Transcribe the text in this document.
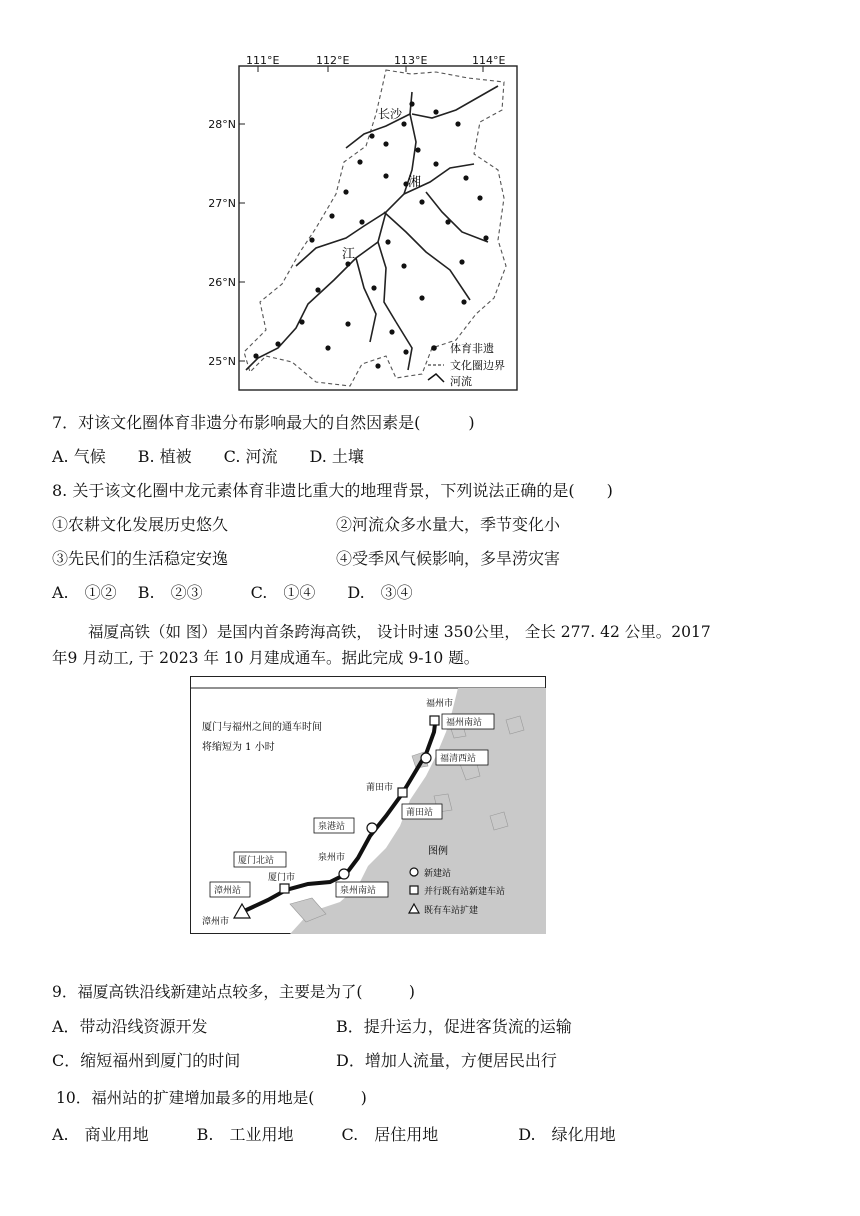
111°E	112°E	113°E	114°E
28°N
27°N
26°N
25°N
长沙
湘
江
体育非遗
文化圈边界
河流
7．对该文化圈体育非遗分布影响最大的自然因素是(　　　)
A. 气候　　B. 植被　　C. 河流　　D. 土壤
8. 关于该文化圈中龙元素体育非遗比重大的地理背景，下列说法正确的是(　　)
①农耕文化发展历史悠久	②河流众多水量大，季节变化小
③先民们的生活稳定安逸	④受季风气候影响，多旱涝灾害
A.　①②　 B.　②③　　　C.　①④　　D.　③④
福厦高铁（如 图）是国内首条跨海高铁， 设计时速 350公里， 全长 277. 42 公里。2017
年9 月动工, 于 2023 年 10 月建成通车。据此完成 9-10 题。
厦门与福州之间的通车时间
将缩短为 1 小时
福州市
莆田市
泉州市
厦门市
漳州市
福州南站
福清西站
莆田站
泉港站
泉州南站
厦门北站
漳州站
图例
新建站
并行既有站新建车站
既有车站扩建
9．福厦高铁沿线新建站点较多，主要是为了(　　　)
A．带动沿线资源开发	B．提升运力，促进客货流的运输
C．缩短福州到厦门的时间	D．增加人流量，方便居民出行
10．福州站的扩建增加最多的用地是(　　　)
A.　商业用地　　　B.　工业用地　　　C.　居住用地　　　　　D.　绿化用地
